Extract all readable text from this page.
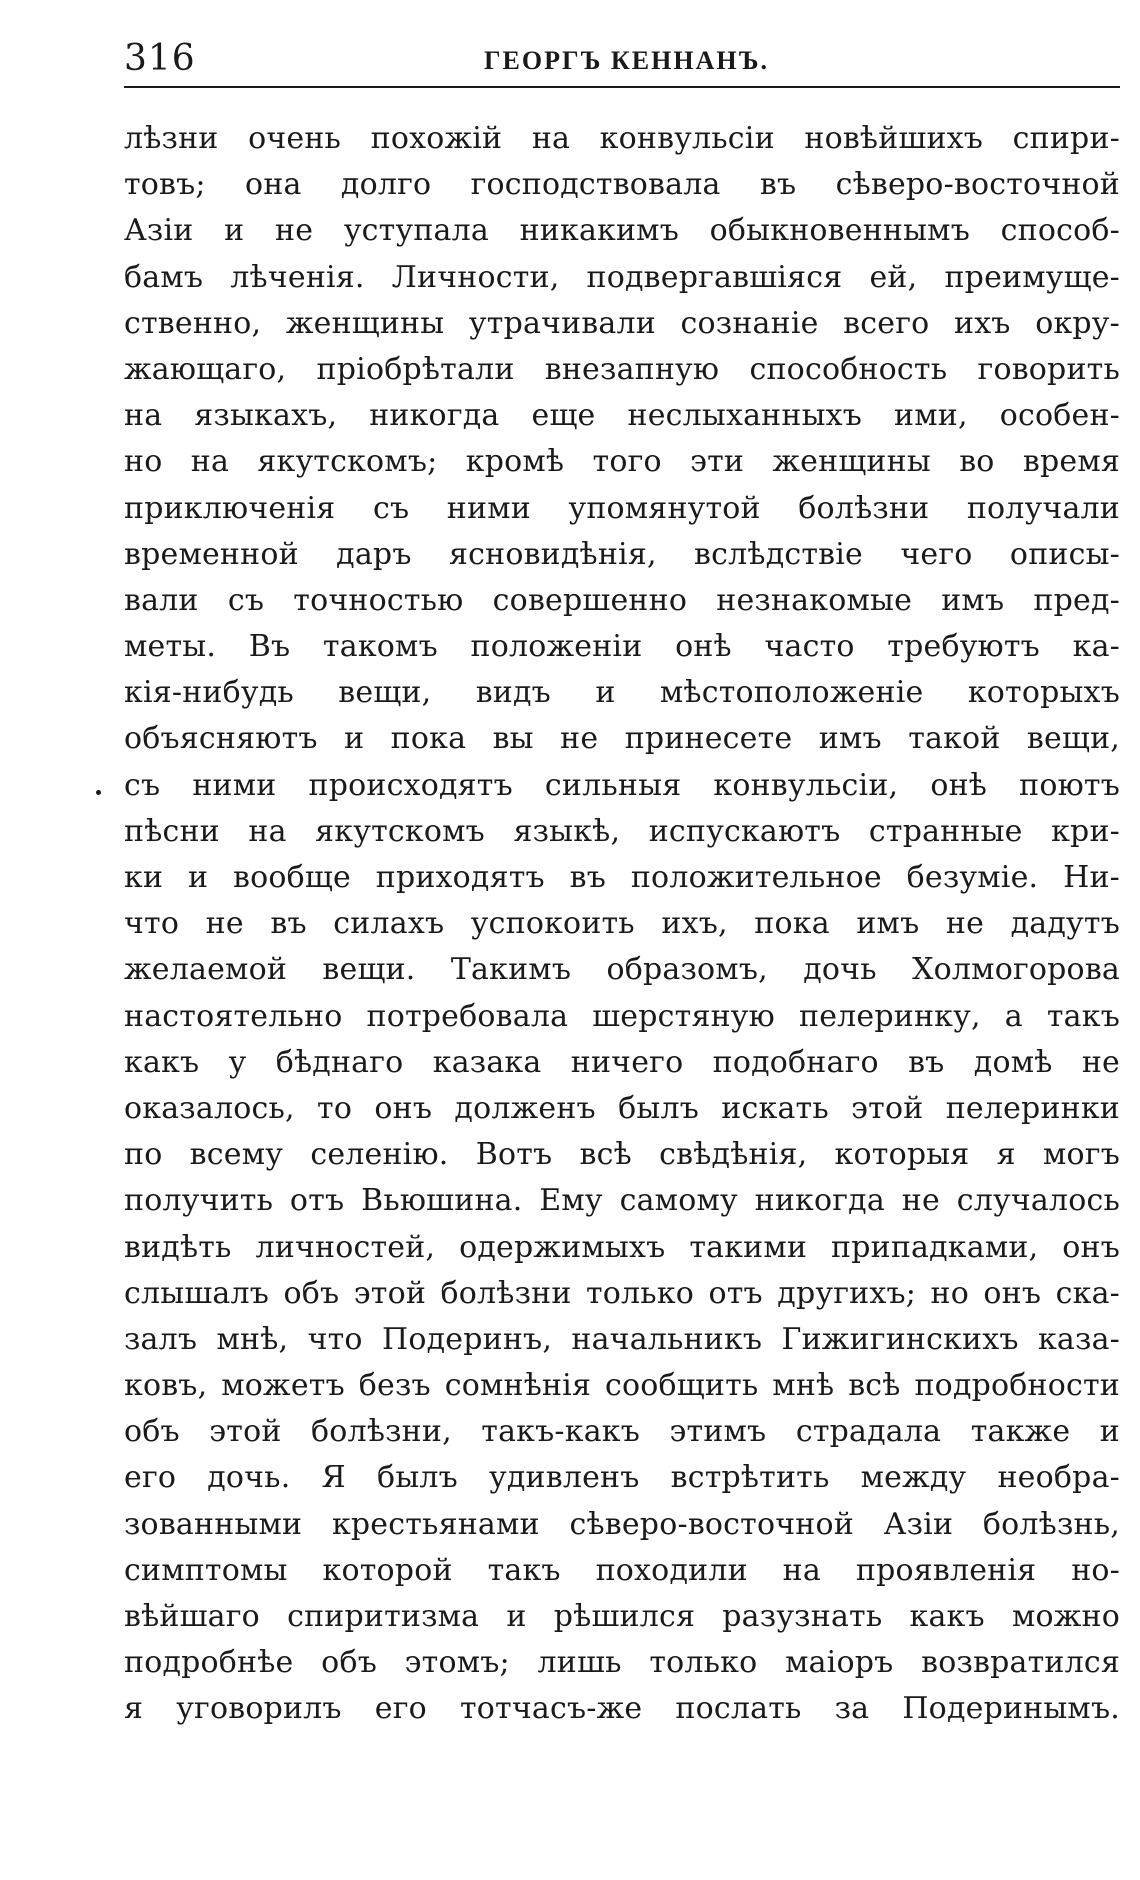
316	ГЕОРГЪ КЕННАНЪ.
лѣзни очень похожій на конвульсіи новѣйшихъ спири-
товъ; она долго господствовала въ сѣверо-восточной
Азіи и не уступала никакимъ обыкновеннымъ способ-
бамъ лѣченія. Личности, подвергавшіяся ей, преимуще-
ственно, женщины утрачивали сознаніе всего ихъ окру-
жающаго, пріобрѣтали внезапную способность говорить
на языкахъ, никогда еще неслыханныхъ ими, особен-
но на якутскомъ; кромѣ того эти женщины во время
приключенія съ ними упомянутой болѣзни получали
временной даръ ясновидѣнія, вслѣдствіе чего описы-
вали съ точностью совершенно незнакомые имъ пред-
меты. Въ такомъ положеніи онѣ часто требуютъ ка-
кія-нибудь вещи, видъ и мѣстоположеніе которыхъ
объясняютъ и пока вы не принесете имъ такой вещи,
съ ними происходятъ сильныя конвульсіи, онѣ поютъ
пѣсни на якутскомъ языкѣ, испускаютъ странные кри-
ки и вообще приходятъ въ положительное безуміе. Ни-
что не въ силахъ успокоить ихъ, пока имъ не дадутъ
желаемой вещи. Такимъ образомъ, дочь Холмогорова
настоятельно потребовала шерстяную пелеринку, а такъ
какъ у бѣднаго казака ничего подобнаго въ домѣ не
оказалось, то онъ долженъ былъ искать этой пелеринки
по всему селенію. Вотъ всѣ свѣдѣнія, которыя я могъ
получить отъ Вьюшина. Ему самому никогда не случалось
видѣть личностей, одержимыхъ такими припадками, онъ
слышалъ объ этой болѣзни только отъ другихъ; но онъ ска-
залъ мнѣ, что Подеринъ, начальникъ Гижигинскихъ каза-
ковъ, можетъ безъ сомнѣнія сообщить мнѣ всѣ подробности
объ этой болѣзни, такъ-какъ этимъ страдала также и
его дочь. Я былъ удивленъ встрѣтить между необра-
зованными крестьянами сѣверо-восточной Азіи болѣзнь,
симптомы которой такъ походили на проявленія но-
вѣйшаго спиритизма и рѣшился разузнать какъ можно
подробнѣе объ этомъ; лишь только маіоръ возвратился
я уговорилъ его тотчасъ-же послать за Подеринымъ.
